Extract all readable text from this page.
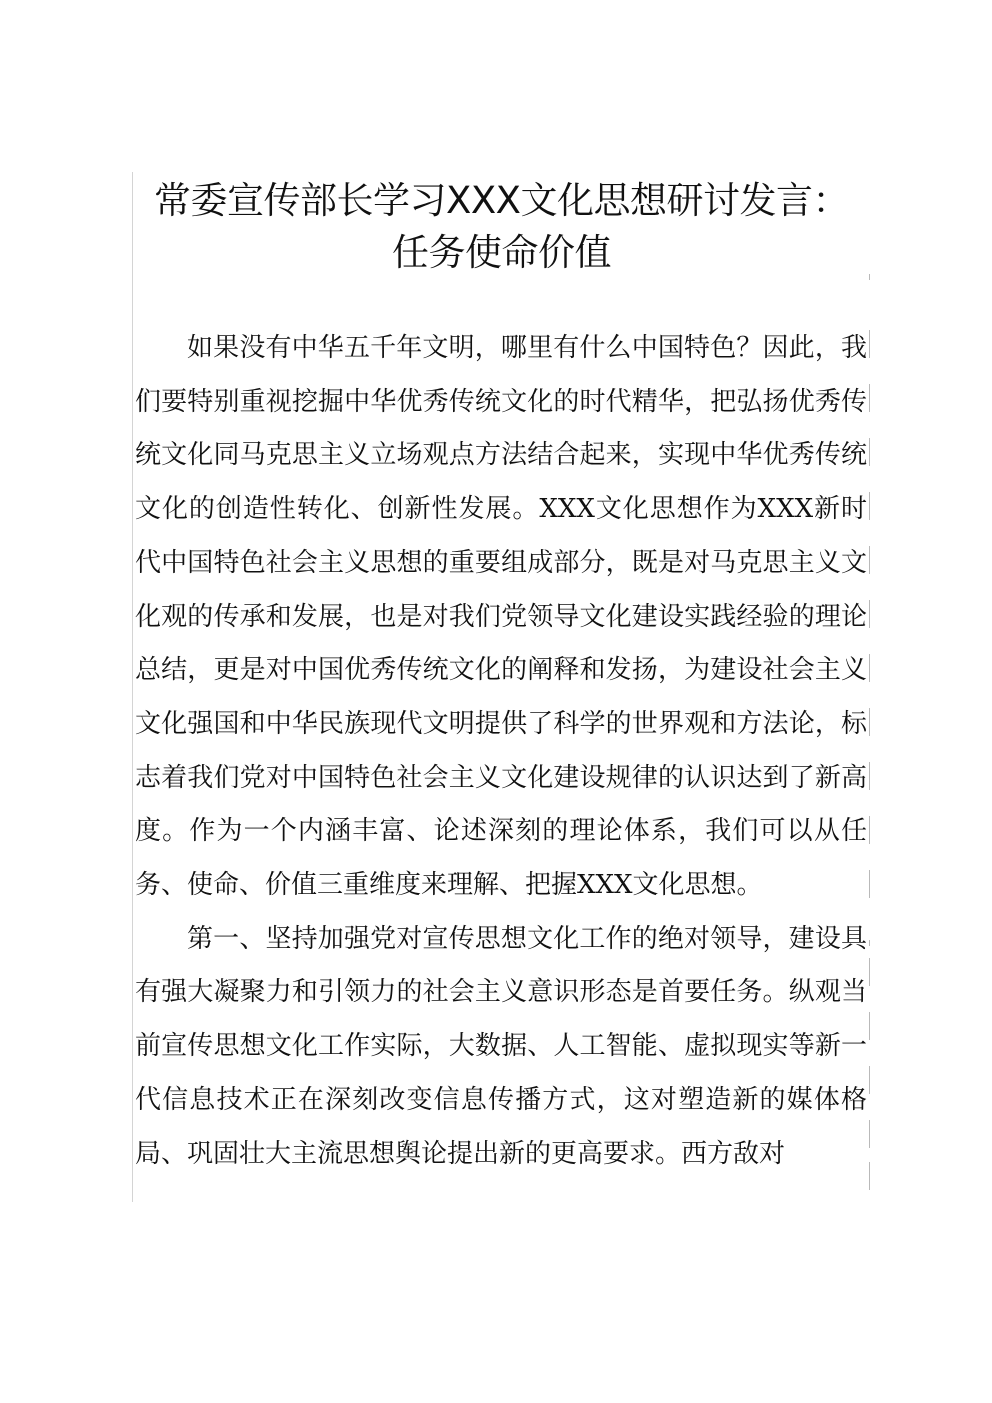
常委宣传部长学习XXX文化思想研讨发言：
任务使命价值

如果没有中华五千年文明，哪里有什么中国特色？因此，我们要特别重视挖掘中华优秀传统文化的时代精华，把弘扬优秀传统文化同马克思主义立场观点方法结合起来，实现中华优秀传统文化的创造性转化、创新性发展。XXX文化思想作为XXX新时代中国特色社会主义思想的重要组成部分，既是对马克思主义文化观的传承和发展，也是对我们党领导文化建设实践经验的理论总结，更是对中国优秀传统文化的阐释和发扬，为建设社会主义文化强国和中华民族现代文明提供了科学的世界观和方法论，标志着我们党对中国特色社会主义文化建设规律的认识达到了新高度。作为一个内涵丰富、论述深刻的理论体系，我们可以从任务、使命、价值三重维度来理解、把握XXX文化思想。

第一、坚持加强党对宣传思想文化工作的绝对领导，建设具有强大凝聚力和引领力的社会主义意识形态是首要任务。纵观当前宣传思想文化工作实际，大数据、人工智能、虚拟现实等新一代信息技术正在深刻改变信息传播方式，这对塑造新的媒体格局、巩固壮大主流思想舆论提出新的更高要求。西方敌对
